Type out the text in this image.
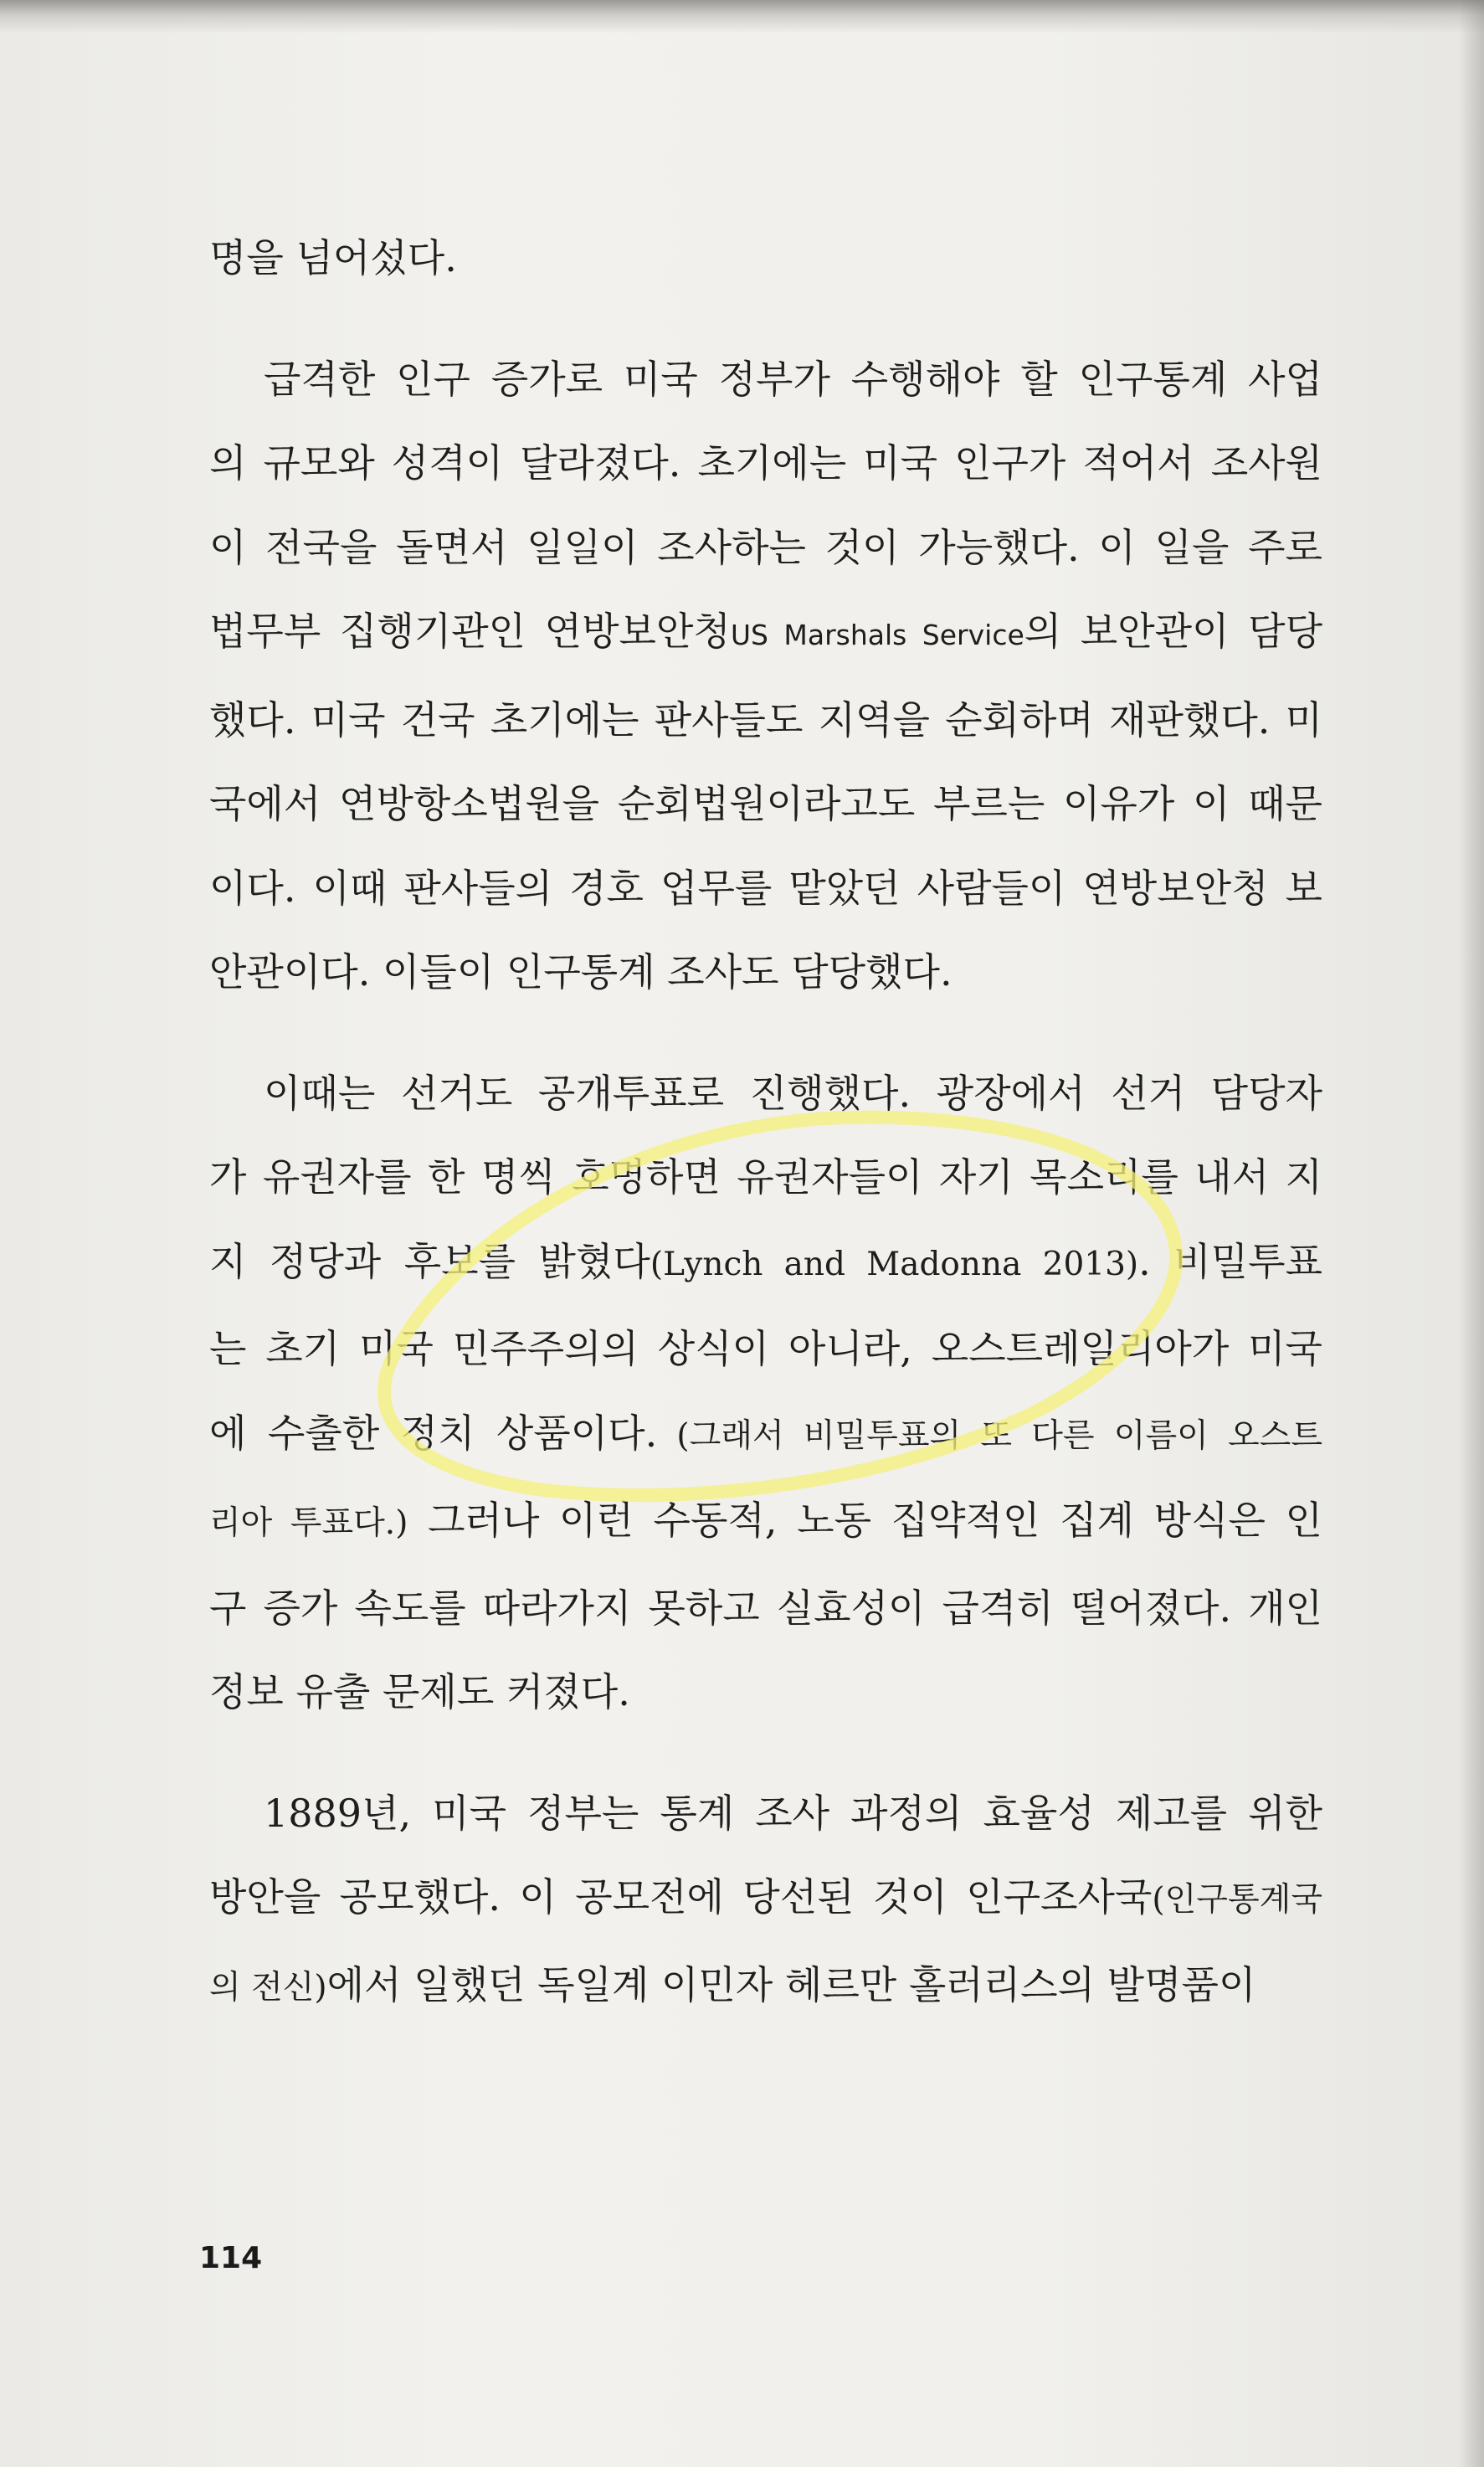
명을 넘어섰다.
급격한 인구 증가로 미국 정부가 수행해야 할 인구통계 사업
의 규모와 성격이 달라졌다. 초기에는 미국 인구가 적어서 조사원
이 전국을 돌면서 일일이 조사하는 것이 가능했다. 이 일을 주로
법무부 집행기관인 연방보안청US Marshals Service의 보안관이 담당
했다. 미국 건국 초기에는 판사들도 지역을 순회하며 재판했다. 미
국에서 연방항소법원을 순회법원이라고도 부르는 이유가 이 때문
이다. 이때 판사들의 경호 업무를 맡았던 사람들이 연방보안청 보
안관이다. 이들이 인구통계 조사도 담당했다.
이때는 선거도 공개투표로 진행했다. 광장에서 선거 담당자
가 유권자를 한 명씩 호명하면 유권자들이 자기 목소리를 내서 지
지 정당과 후보를 밝혔다(Lynch and Madonna 2013). 비밀투표
는 초기 미국 민주주의의 상식이 아니라, 오스트레일리아가 미국
에 수출한 정치 상품이다. (그래서 비밀투표의 또 다른 이름이 오스트
리아 투표다.) 그러나 이런 수동적, 노동 집약적인 집계 방식은 인
구 증가 속도를 따라가지 못하고 실효성이 급격히 떨어졌다. 개인
정보 유출 문제도 커졌다.
1889년, 미국 정부는 통계 조사 과정의 효율성 제고를 위한
방안을 공모했다. 이 공모전에 당선된 것이 인구조사국(인구통계국
의 전신)에서 일했던 독일계 이민자 헤르만 홀러리스의 발명품이
114
